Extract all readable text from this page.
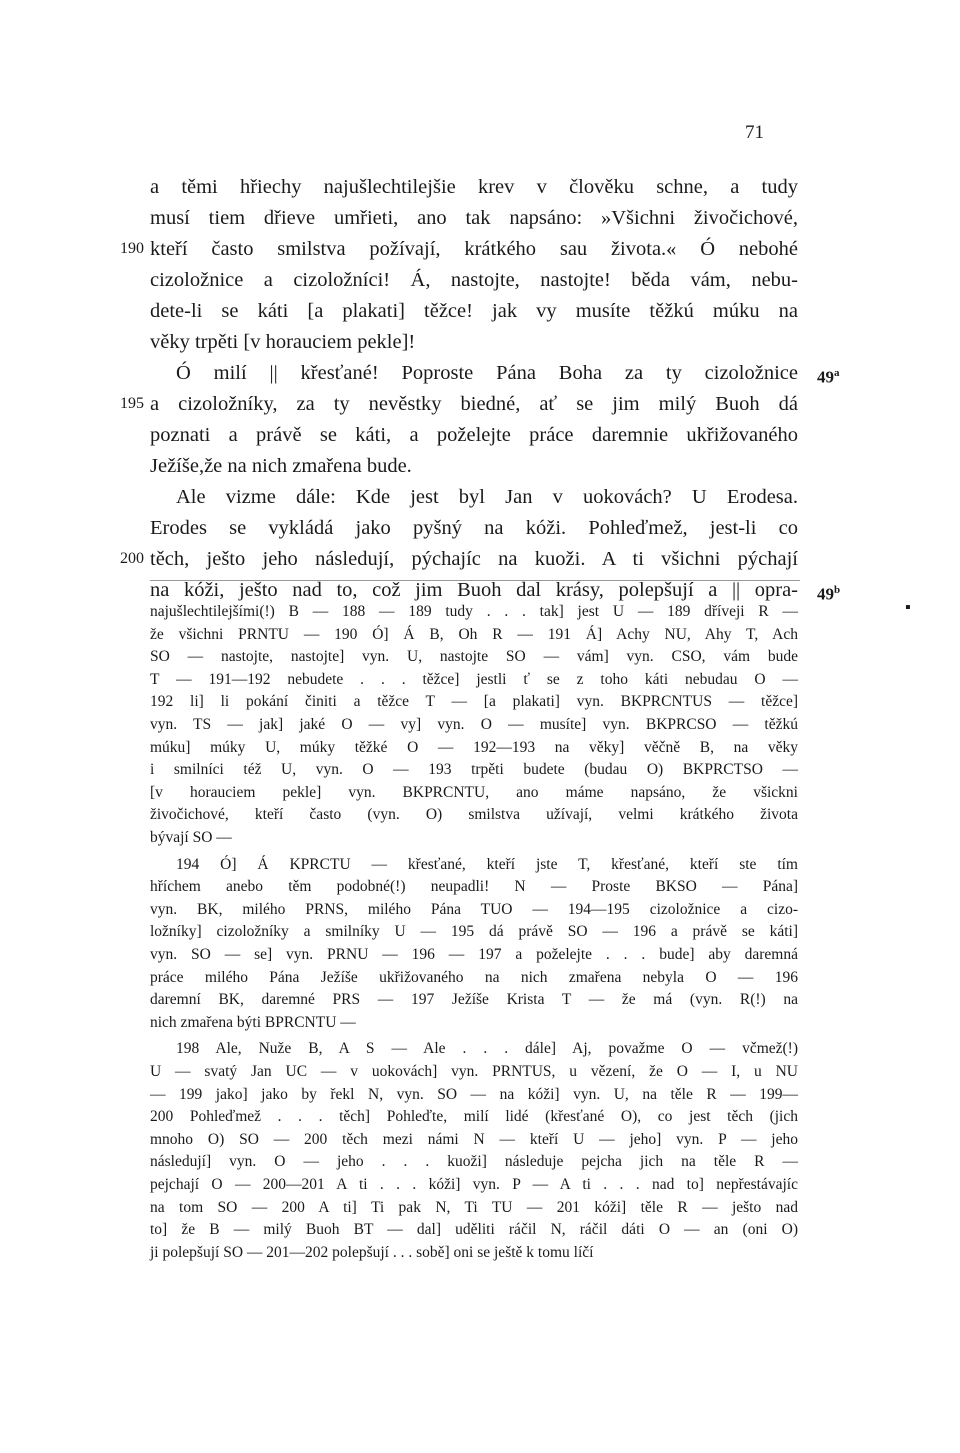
71
a těmi hřiechy najušlechtilejšie krev v člověku schne, a tudy
musí tiem dřieve umřieti, ano tak napsáno: »Všichni živočichové,
kteří často smilstva požívají, krátkého sau života.« Ó nebohé
190
cizoložnice a cizoložníci! Á, nastojte, nastojte! běda vám, nebu-
dete-li se káti [a plakati] těžce! jak vy musíte těžkú múku na
věky trpěti [v horauciem pekle]!
Ó milí || křesťané! Poproste Pána Boha za ty cizoložnice 49$^a$
a cizoložníky, za ty nevěstky biedné, ať se jim milý Buoh dá
195
poznati a právě se káti, a poželejte práce daremnie ukřižovaného
Ježíše,že na nich zmařena bude.
Ale vizme dále: Kde jest byl Jan v uokovách? U Erodesa.
Erodes se vykládá jako pyšný na kóži. Pohleďmež, jest-li co
těch, ješto jeho následují, pýchajíc na kuoži. A ti všichni pýchají
200
na kóži, ješto nad to, což jim Buoh dal krásy, polepšují a || opra- 49$^b$
▪
najušlechtilejšími(!) B — 188 — 189 tudy . . . tak] jest U — 189 dříveji R —
že všichni PRNTU — 190 Ó] Á B, Oh R — 191 Á] Achy NU, Ahy T, Ach
SO — nastojte, nastojte] vyn. U, nastojte SO — vám] vyn. CSO, vám bude
T — 191—192 nebudete . . . těžce] jestli ť se z toho káti nebudau O —
192 li] li pokání činiti a těžce T — [a plakati] vyn. BKPRCNTUS — těžce]
vyn. TS — jak] jaké O — vy] vyn. O — musíte] vyn. BKPRCSO — těžkú
múku] múky U, múky těžké O — 192—193 na věky] věčně B, na věky
i smilníci též U, vyn. O — 193 trpěti budete (budau O) BKPRCTSO —
[v horauciem pekle] vyn. BKPRCNTU, ano máme napsáno, že všickni
živočichové, kteří často (vyn. O) smilstva užívají, velmi krátkého života
bývají SO —
194 Ó] Á KPRCTU — křesťané, kteří jste T, křesťané, kteří ste tím
hříchem anebo těm podobné(!) neupadli! N — Proste BKSO — Pána]
vyn. BK, milého PRNS, milého Pána TUO — 194—195 cizoložnice a cizo-
ložníky] cizoložníky a smilníky U — 195 dá právě SO — 196 a právě se káti]
vyn. SO — se] vyn. PRNU — 196 — 197 a poželejte . . . bude] aby daremná
práce milého Pána Ježíše ukřižovaného na nich zmařena nebyla O — 196
daremní BK, daremné PRS — 197 Ježíše Krista T — že má (vyn. R(!) na
nich zmařena býti BPRCNTU —
198 Ale, Nuže B, A S — Ale . . . dále] Aj, považme O — včmež(!)
U — svatý Jan UC — v uokovách] vyn. PRNTUS, u vězení, že O — I, u NU
— 199 jako] jako by řekl N, vyn. SO — na kóži] vyn. U, na těle R — 199—
200 Pohleďmež . . . těch] Pohleďte, milí lidé (křesťané O), co jest těch (jich
mnoho O) SO — 200 těch mezi námi N — kteří U — jeho] vyn. P — jeho
následují] vyn. O — jeho . . . kuoži] následuje pejcha jich na těle R —
pejchají O — 200—201 A ti . . . kóži] vyn. P — A ti . . . nad to] nepřestávajíc
na tom SO — 200 A ti] Ti pak N, Ti TU — 201 kóži] těle R — ješto nad
to] že B — milý Buoh BT — dal] uděliti ráčil N, ráčil dáti O — an (oni O)
ji polepšují SO — 201—202 polepšují . . . sobě] oni se ještě k tomu líčí
